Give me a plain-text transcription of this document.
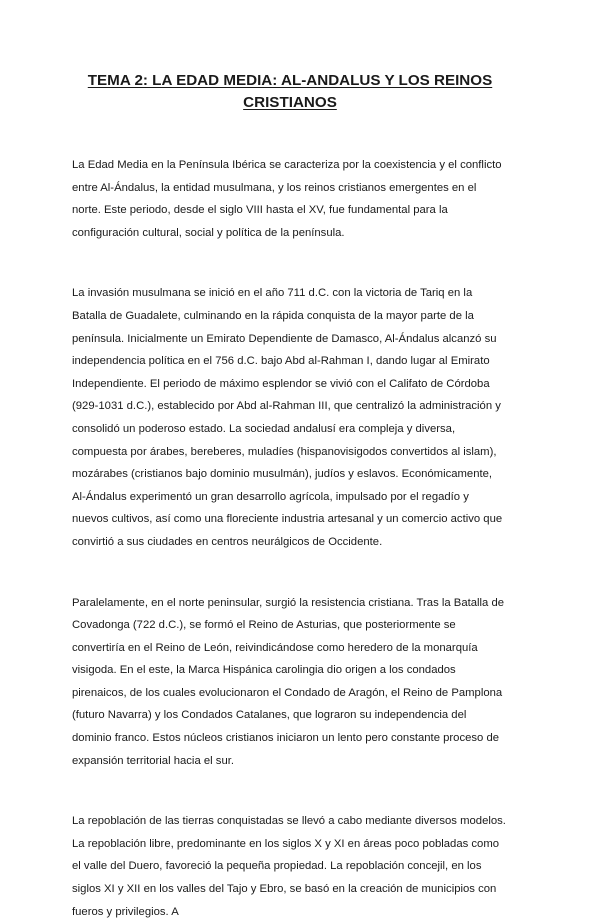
TEMA 2: LA EDAD MEDIA: AL-ANDALUS Y LOS REINOS CRISTIANOS

La Edad Media en la Península Ibérica se caracteriza por la coexistencia y el conflicto entre Al-Ándalus, la entidad musulmana, y los reinos cristianos emergentes en el norte. Este periodo, desde el siglo VIII hasta el XV, fue fundamental para la configuración cultural, social y política de la península.

La invasión musulmana se inició en el año 711 d.C. con la victoria de Tariq en la Batalla de Guadalete, culminando en la rápida conquista de la mayor parte de la península. Inicialmente un Emirato Dependiente de Damasco, Al-Ándalus alcanzó su independencia política en el 756 d.C. bajo Abd al-Rahman I, dando lugar al Emirato Independiente. El periodo de máximo esplendor se vivió con el Califato de Córdoba (929-1031 d.C.), establecido por Abd al-Rahman III, que centralizó la administración y consolidó un poderoso estado. La sociedad andalusí era compleja y diversa, compuesta por árabes, bereberes, muladíes (hispanovisigodos convertidos al islam), mozárabes (cristianos bajo dominio musulmán), judíos y eslavos. Económicamente, Al-Ándalus experimentó un gran desarrollo agrícola, impulsado por el regadío y nuevos cultivos, así como una floreciente industria artesanal y un comercio activo que convirtió a sus ciudades en centros neurálgicos de Occidente.

Paralelamente, en el norte peninsular, surgió la resistencia cristiana. Tras la Batalla de Covadonga (722 d.C.), se formó el Reino de Asturias, que posteriormente se convertiría en el Reino de León, reivindicándose como heredero de la monarquía visigoda. En el este, la Marca Hispánica carolingia dio origen a los condados pirenaicos, de los cuales evolucionaron el Condado de Aragón, el Reino de Pamplona (futuro Navarra) y los Condados Catalanes, que lograron su independencia del dominio franco. Estos núcleos cristianos iniciaron un lento pero constante proceso de expansión territorial hacia el sur.

La repoblación de las tierras conquistadas se llevó a cabo mediante diversos modelos. La repoblación libre, predominante en los siglos X y XI en áreas poco pobladas como el valle del Duero, favoreció la pequeña propiedad. La repoblación concejil, en los siglos XI y XII en los valles del Tajo y Ebro, se basó en la creación de municipios con fueros y privilegios. A
